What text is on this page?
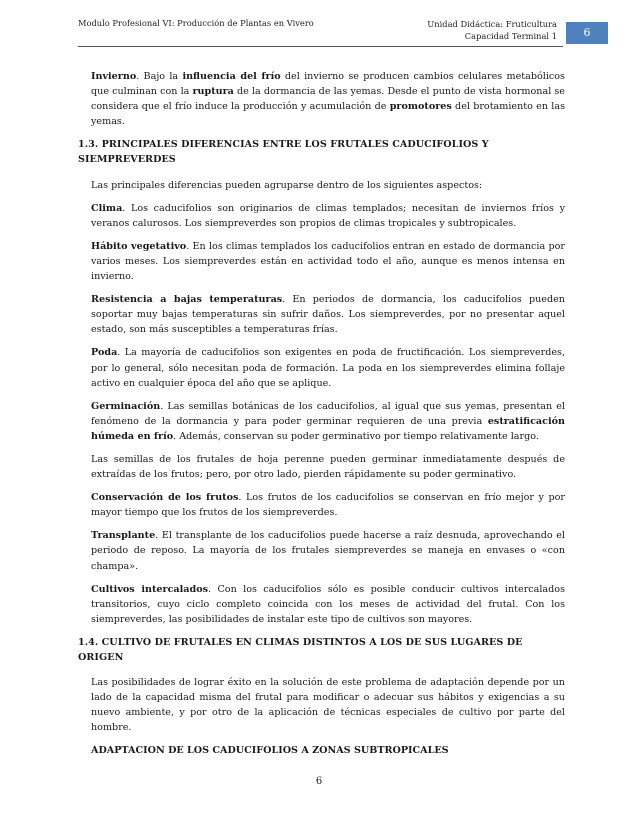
Modulo Profesional VI: Producción de Plantas en Vivero	Unidad Didáctica: Fruticultura
Capacidad Terminal 1	6

Invierno. Bajo la influencia del frío del invierno se producen cambios celulares metabólicos que culminan con la ruptura de la dormancia de las yemas. Desde el punto de vista hormonal se considera que el frío induce la producción y acumulación de promotores del brotamiento en las yemas.

1.3. PRINCIPALES DIFERENCIAS ENTRE LOS FRUTALES CADUCIFOLIOS Y SIEMPREVERDES

Las principales diferencias pueden agruparse dentro de los siguientes aspectos:

Clima. Los caducifolios son originarios de climas templados; necesitan de inviernos fríos y veranos calurosos. Los siempreverdes son propios de climas tropicales y subtropicales.

Hábito vegetativo. En los climas templados los caducifolios entran en estado de dormancia por varios meses. Los siempreverdes están en actividad todo el año, aunque es menos intensa en invierno.

Resistencia a bajas temperaturas. En periodos de dormancia, los caducifolios pueden soportar muy bajas temperaturas sin sufrir daños. Los siempreverdes, por no presentar aquel estado, son más susceptibles a temperaturas frías.

Poda. La mayoría de caducifolios son exigentes en poda de fructificación. Los siempreverdes, por lo general, sólo necesitan poda de formación. La poda en los siempreverdes elimina follaje activo en cualquier época del año que se aplique.

Germinación. Las semillas botánicas de los caducifolios, al igual que sus yemas, presentan el fenómeno de la dormancia y para poder germinar requieren de una previa estratificación húmeda en frío. Además, conservan su poder germinativo por tiempo relativamente largo.

Las semillas de los frutales de hoja perenne pueden germinar inmediatamente después de extraídas de los frutos; pero, por otro lado, pierden rápidamente su poder germinativo.

Conservación de los frutos. Los frutos de los caducifolios se conservan en frío mejor y por mayor tiempo que los frutos de los siempreverdes.

Transplante. El transplante de los caducifolios puede hacerse a raíz desnuda, aprovechando el periodo de reposo. La mayoría de los frutales siempreverdes se maneja en envases o «con champa».

Cultivos intercalados. Con los caducifolios sólo es posible conducir cultivos intercalados transitorios, cuyo ciclo completo coincida con los meses de actividad del frutal. Con los siempreverdes, las posibilidades de instalar este tipo de cultivos son mayores.

1.4. CULTIVO DE FRUTALES EN CLIMAS DISTINTOS A LOS DE SUS LUGARES DE ORIGEN

Las posibilidades de lograr éxito en la solución de este problema de adaptación depende por un lado de la capacidad misma del frutal para modificar o adecuar sus hábitos y exigencias a su nuevo ambiente, y por otro de la aplicación de técnicas especiales de cultivo por parte del hombre.

ADAPTACION DE LOS CADUCIFOLIOS A ZONAS SUBTROPICALES
6
